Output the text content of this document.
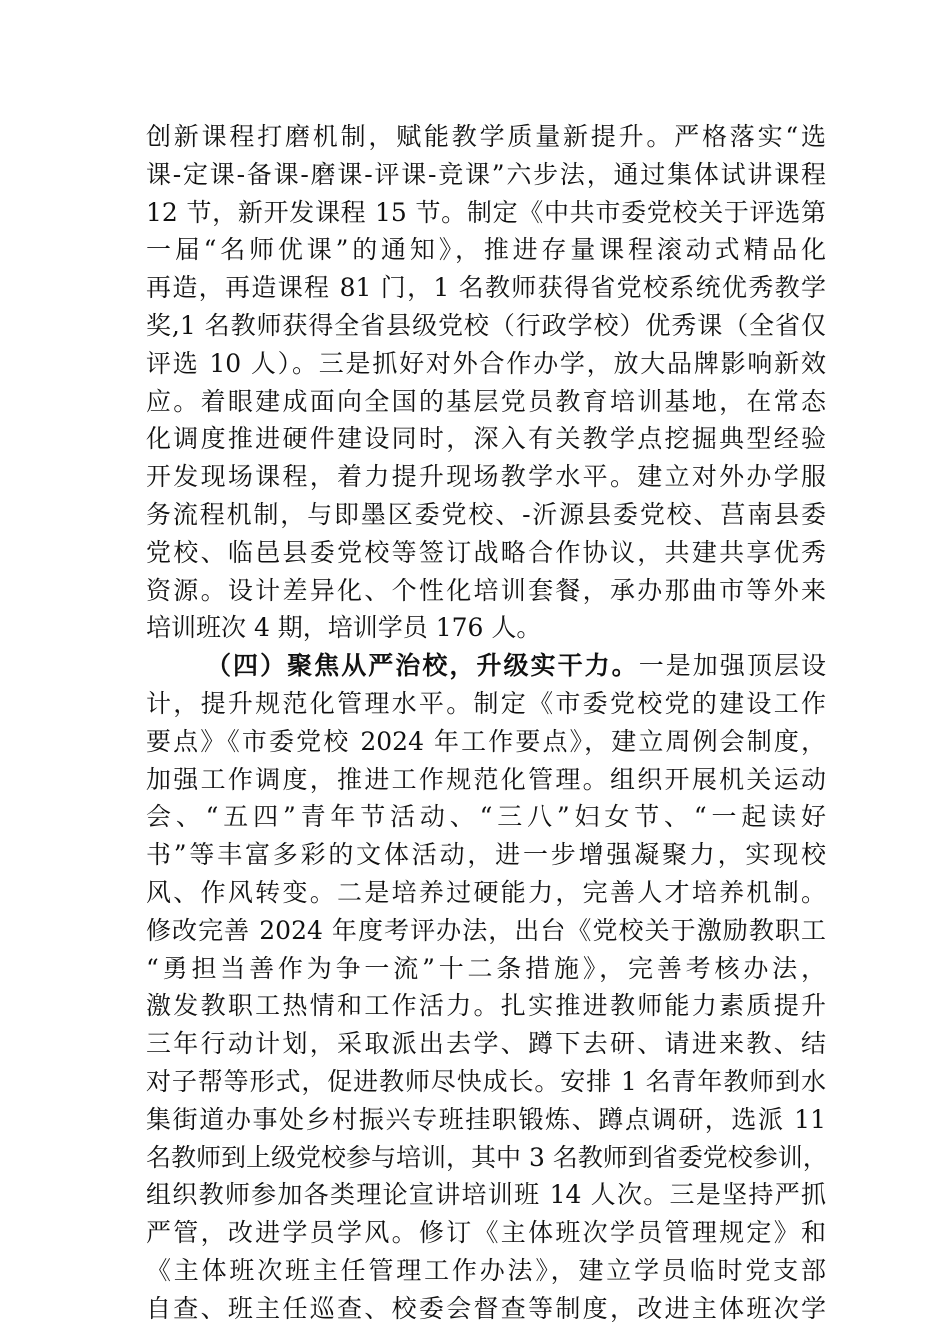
创新课程打磨机制，赋能教学质量新提升。严格落实“选
课-定课-备课-磨课-评课-竞课”六步法，通过集体试讲课程
12 节，新开发课程 15 节。制定《中共市委党校关于评选第
一届“名师优课”的通知》，推进存量课程滚动式精品化
再造，再造课程 81 门，1 名教师获得省党校系统优秀教学
奖,1 名教师获得全省县级党校（行政学校）优秀课（全省仅
评选 10 人）。三是抓好对外合作办学，放大品牌影响新效
应。着眼建成面向全国的基层党员教育培训基地，在常态
化调度推进硬件建设同时，深入有关教学点挖掘典型经验
开发现场课程，着力提升现场教学水平。建立对外办学服
务流程机制，与即墨区委党校、-沂源县委党校、莒南县委
党校、临邑县委党校等签订战略合作协议，共建共享优秀
资源。设计差异化、个性化培训套餐，承办那曲市等外来
培训班次 4 期，培训学员 176 人。
（四）聚焦从严治校，升级实干力。一是加强顶层设
计，提升规范化管理水平。制定《市委党校党的建设工作
要点》《市委党校 2024 年工作要点》，建立周例会制度，
加强工作调度，推进工作规范化管理。组织开展机关运动
会、“五四”青年节活动、“三八”妇女节、“一起读好
书”等丰富多彩的文体活动，进一步增强凝聚力，实现校
风、作风转变。二是培养过硬能力，完善人才培养机制。
修改完善 2024 年度考评办法，出台《党校关于激励教职工
“勇担当善作为争一流”十二条措施》，完善考核办法，
激发教职工热情和工作活力。扎实推进教师能力素质提升
三年行动计划，采取派出去学、蹲下去研、请进来教、结
对子帮等形式，促进教师尽快成长。安排 1 名青年教师到水
集街道办事处乡村振兴专班挂职锻炼、蹲点调研，选派 11
名教师到上级党校参与培训，其中 3 名教师到省委党校参训，
组织教师参加各类理论宣讲培训班 14 人次。三是坚持严抓
严管，改进学员学风。修订《主体班次学员管理规定》和
《主体班次班主任管理工作办法》，建立学员临时党支部
自查、班主任巡查、校委会督查等制度，改进主体班次学
